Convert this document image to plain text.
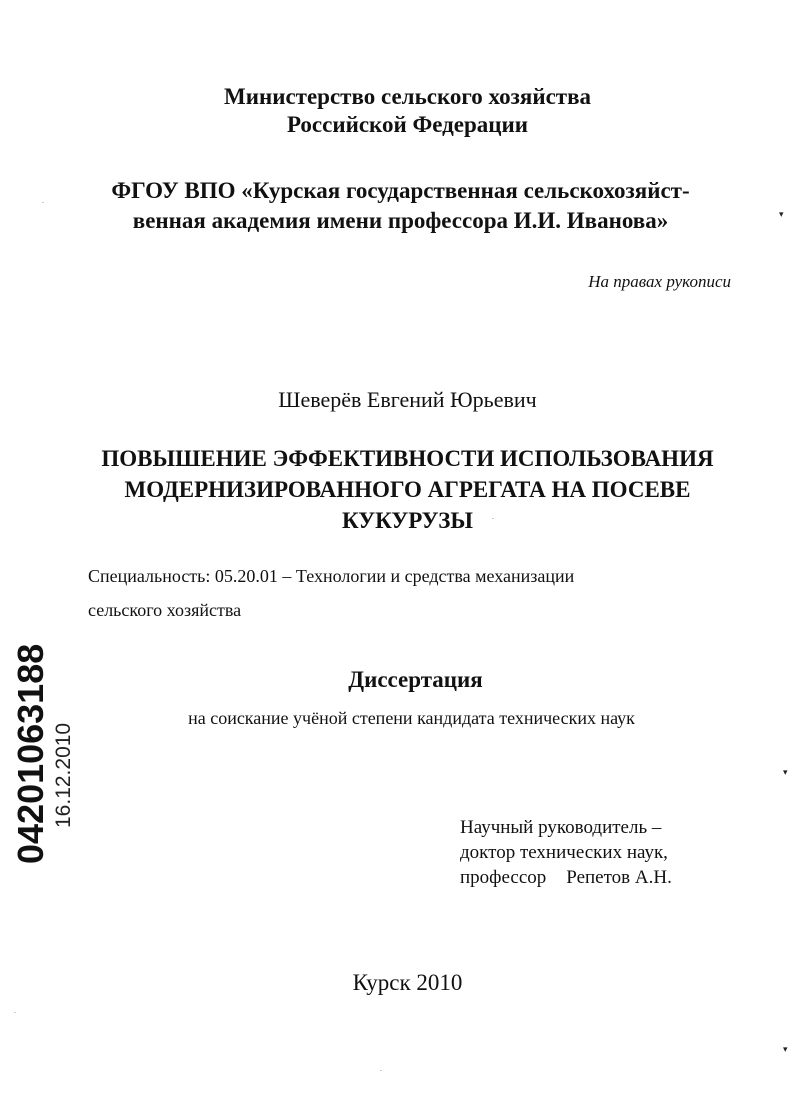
Министерство сельского хозяйства
Российской Федерации
ФГОУ ВПО «Курская государственная сельскохозяйст-
венная академия имени профессора И.И. Иванова»
На правах рукописи
Шеверёв Евгений Юрьевич
ПОВЫШЕНИЕ ЭФФЕКТИВНОСТИ ИСПОЛЬЗОВАНИЯ
МОДЕРНИЗИРОВАННОГО АГРЕГАТА НА ПОСЕВЕ
КУКУРУЗЫ
Специальность: 05.20.01 – Технологии и средства механизации
сельского хозяйства
Диссертация
на соискание учёной степени кандидата технических наук
Научный руководитель –
доктор технических наук,
профессор Репетов А.Н.
Курск 2010
04201063188 16.12.2010
▾
▾
▾
·
·
·
·
